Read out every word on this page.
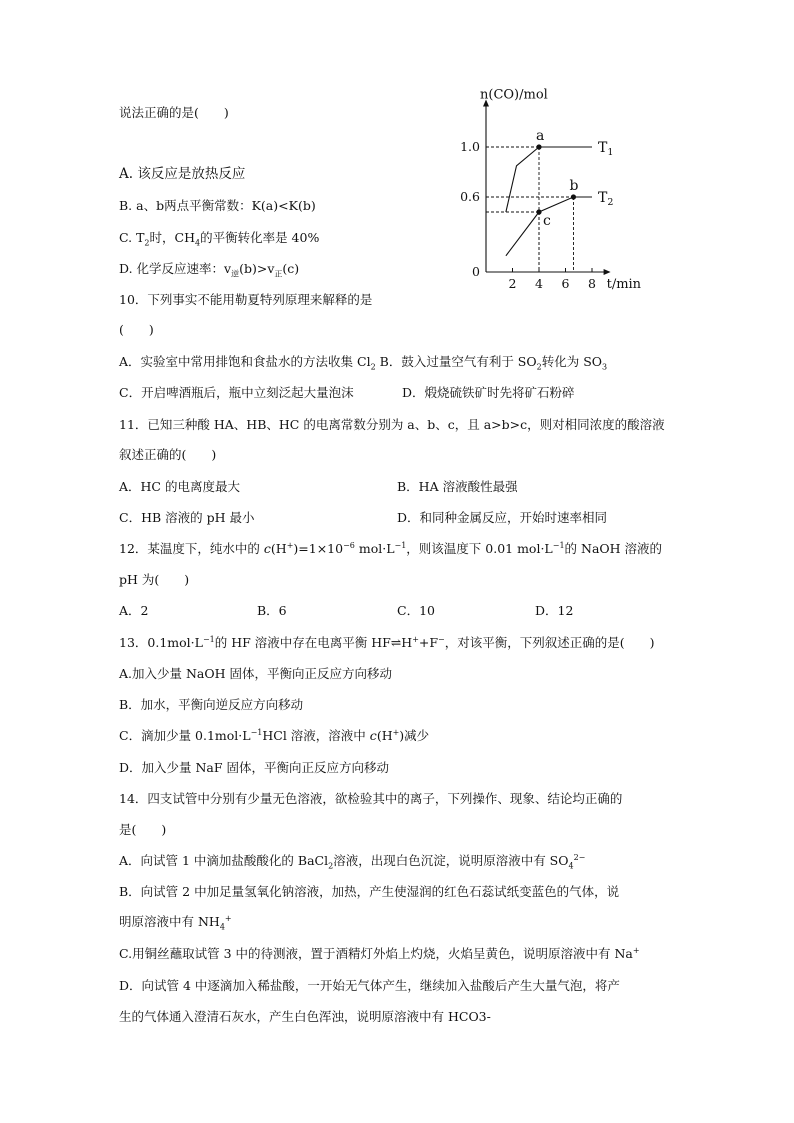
说法正确的是(　　)
A. 该反应是放热反应
B. a、b两点平衡常数：K(a)<K(b)
C. $T_2$时，$CH_4$的平衡转化率是 40%
D. 化学反应速率：$v_逆(b)>v_正(c)$
n(CO)/mol
t/min
2 4 6 8
0
0.6
1.0	$T_1$
$T_2$
a
b
c
10．下列事实不能用勒夏特列原理来解释的是
(　　)
A．实验室中常用排饱和食盐水的方法收集 $Cl_2$ B．鼓入过量空气有利于 $SO_2$转化为 $SO_3$
C．开启啤酒瓶后，瓶中立刻泛起大量泡沫	D．煅烧硫铁矿时先将矿石粉碎
11．已知三种酸 HA、HB、HC 的电离常数分别为 a、b、c，且 a>b>c，则对相同浓度的酸溶液
叙述正确的(　　)
A．HC 的电离度最大	B．HA 溶液酸性最强
C．HB 溶液的 pH 最小	D．和同种金属反应，开始时速率相同
12．某温度下，纯水中的 $c(H^+)=1\times 10^{-6}$ $mol\cdot L^{-1}$，则该温度下 0.01 $mol\cdot L^{-1}$的 NaOH 溶液的
pH 为(　　)
A．2	B．6	C．10	D．12
13．$0.1mol\cdot L^{-1}$的 HF 溶液中存在电离平衡 HF⇌H++F−，对该平衡，下列叙述正确的是(　　)
A.加入少量 NaOH 固体，平衡向正反应方向移动
B．加水，平衡向逆反应方向移动
C．滴加少量 $0.1mol\cdot L^{-1}HCl$ 溶液，溶液中 c(H+)减少
D．加入少量 NaF 固体，平衡向正反应方向移动
14．四支试管中分别有少量无色溶液，欲检验其中的离子，下列操作、现象、结论均正确的
是(　　)
A．向试管 1 中滴加盐酸酸化的 BaCl$_2$溶液，出现白色沉淀，说明原溶液中有 $SO_4^{2-}$
B．向试管 2 中加足量氢氧化钠溶液，加热，产生使湿润的红色石蕊试纸变蓝色的气体，说
明原溶液中有 $NH_4^+$
C.用铜丝蘸取试管 3 中的待测液，置于酒精灯外焰上灼烧，火焰呈黄色，说明原溶液中有 Na+
D．向试管 4 中逐滴加入稀盐酸，一开始无气体产生，继续加入盐酸后产生大量气泡，将产
生的气体通入澄清石灰水，产生白色浑浊，说明原溶液中有 HCO3-
